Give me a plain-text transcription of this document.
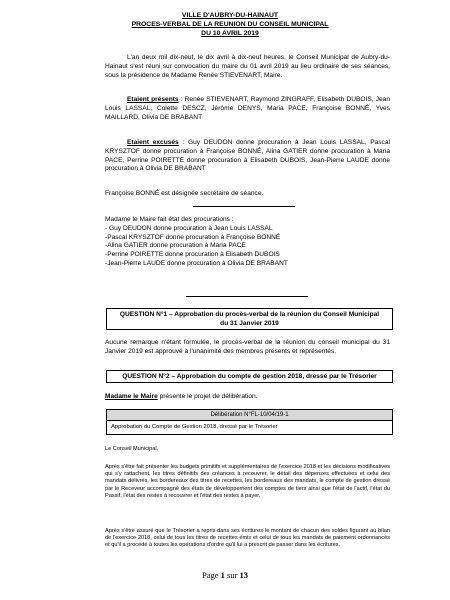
VILLE D'AUBRY-DU-HAINAUT
PROCES-VERBAL DE LA REUNION DU CONSEIL MUNICIPAL
DU 10 AVRIL 2019
L'an deux mil dix-neuf, le dix avril à dix-neuf heures, le Conseil Municipal de Aubry-du-Hainaut s'est réuni sur convocation du maire du 01 avril 2019 au lieu ordinaire de ses séances, sous la présidence de Madame Renée STIEVENART, Maire.
Etaient présents : Renée STIEVENART, Raymond ZINGRAFF, Elisabeth DUBOIS, Jean Louis LASSAL, Colette DESCZ, Jérôme DENYS, Maria PACE, Françoise BONNÉ, Yves MAILLARD, Olivia DE BRABANT
Etaient excusés : Guy DEUDON donne procuration à Jean Louis LASSAL, Pascal KRYSZTOF donne procuration à Françoise BONNÉ, Alina GATIER donne procuration à Maria PACE, Perrine POIRETTE donne procuration à Elisabeth DUBOIS, Jean-Pierre LAUDE donne procuration à Olivia DE BRABANT
Françoise BONNÉ est désignée secrétaire de séance.
Madame le Maire fait état des procurations :
- Guy DEUDON donne procuration à Jean Louis LASSAL
-Pascal KRYSZTOF donne procuration à Françoise BONNÉ
-Alina GATIER donne procuration à Maria PACE
-Perrine POIRETTE donne procuration à Elisabeth DUBOIS
-Jean-Pierre LAUDE donne procuration à Olivia DE BRABANT
QUESTION N°1 – Approbation du procès-verbal de la réunion du Conseil Municipal du 31 Janvier 2019
Aucune remarque n'étant formulée, le procès-verbal de la réunion du conseil municipal du 31 Janvier 2019 est approuvé à l'unanimité des membres présents et représentés.
QUESTION N°2 – Approbation du compte de gestion 2018, dressé par le Trésorier
Madame le Maire présente le projet de délibération.
Délibération N°FL-10/04/19-1
Approbation du Compte de Gestion 2018, dressé par le Trésorier
Le Conseil Municipal,
Après s'être fait présenter les budgets primitifs et supplémentaires de l'exercice 2018 et les décisions modificatives qui s'y rattachent, les titres définitifs des créances à recouvrer, le détail des dépenses effectuées et celui des mandats délivrés, les bordereaux des titres de recettes, les bordereaux des mandats, le compte de gestion dressé par le Receveur accompagné des états de développement des comptes de tiers ainsi que l'état de l'actif, l'état du Passif, l'état des restes à recouvrer et l'état des restes à payer.
Après s'être assuré que le Trésorier a repris dans ses écritures le montant de chacun des soldes figurant au bilan de l'exercice 2018, celui de tous les titres de recettes émis et celui de tous les mandats de paiement ordonnancés et qu'il a procédé à toutes les opérations d'ordre qu'il lui a prescrit de passer dans les écritures.
Page 1 sur 13
